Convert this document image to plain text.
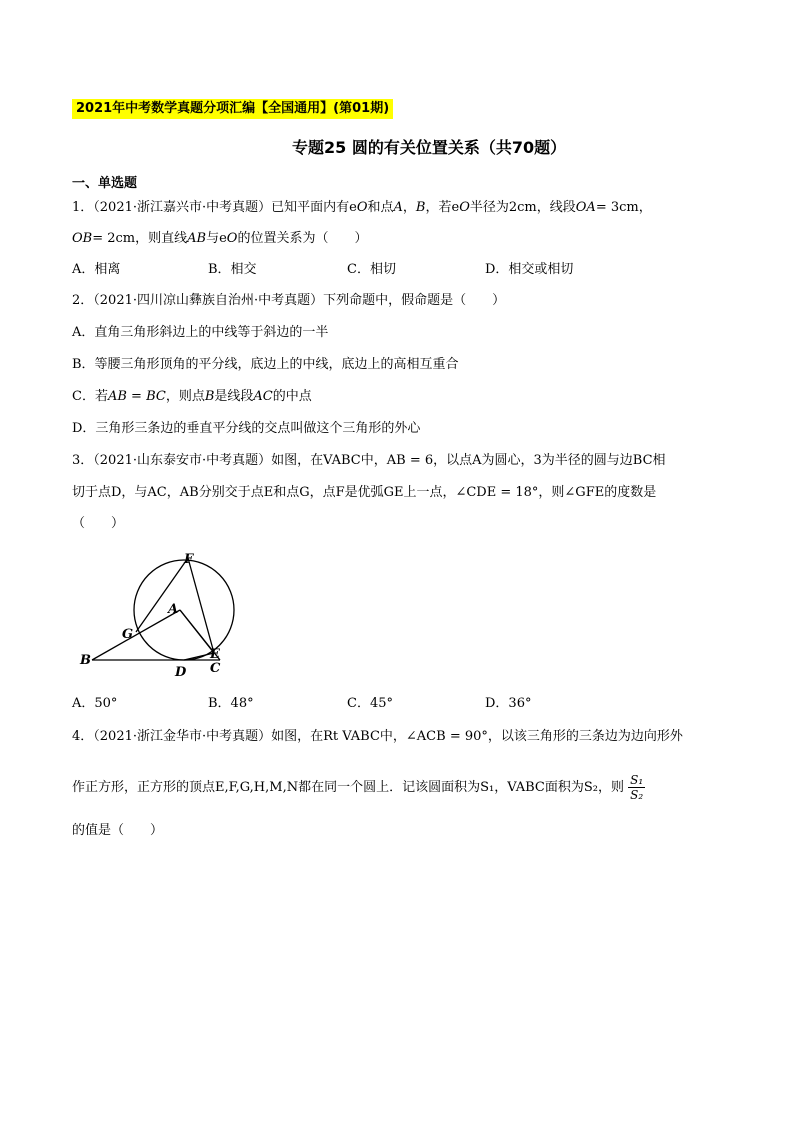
2021年中考数学真题分项汇编【全国通用】(第01期)
专题25 圆的有关位置关系（共70题）
一、单选题
1．（2021·浙江嘉兴市·中考真题）已知平面内有eO和点A，B，若eO半径为2cm，线段OA= 3cm，
OB= 2cm，则直线AB与eO的位置关系为（　　）
A．相离	B．相交	C．相切	D．相交或相切
2．（2021·四川凉山彝族自治州·中考真题）下列命题中，假命题是（　　）
A．直角三角形斜边上的中线等于斜边的一半
B．等腰三角形顶角的平分线，底边上的中线，底边上的高相互重合
C．若AB = BC，则点B是线段AC的中点
D．三角形三条边的垂直平分线的交点叫做这个三角形的外心
3．（2021·山东泰安市·中考真题）如图，在VABC中，AB = 6，以点A为圆心，3为半径的圆与边BC相
切于点D，与AC，AB分别交于点E和点G，点F是优弧GE上一点，∠CDE = 18°，则∠GFE的度数是
（　　）
F
A
G
B
D
E
C
A．50°	B．48°	C．45°	D．36°
4．（2021·浙江金华市·中考真题）如图，在Rt VABC中，∠ACB = 90°，以该三角形的三条边为边向形外
作正方形，正方形的顶点E,F,G,H,M,N都在同一个圆上．记该圆面积为S₁，VABC面积为S₂，则 $\frac{\text{S₁}}{\text{S₂}}$
的值是（　　）
